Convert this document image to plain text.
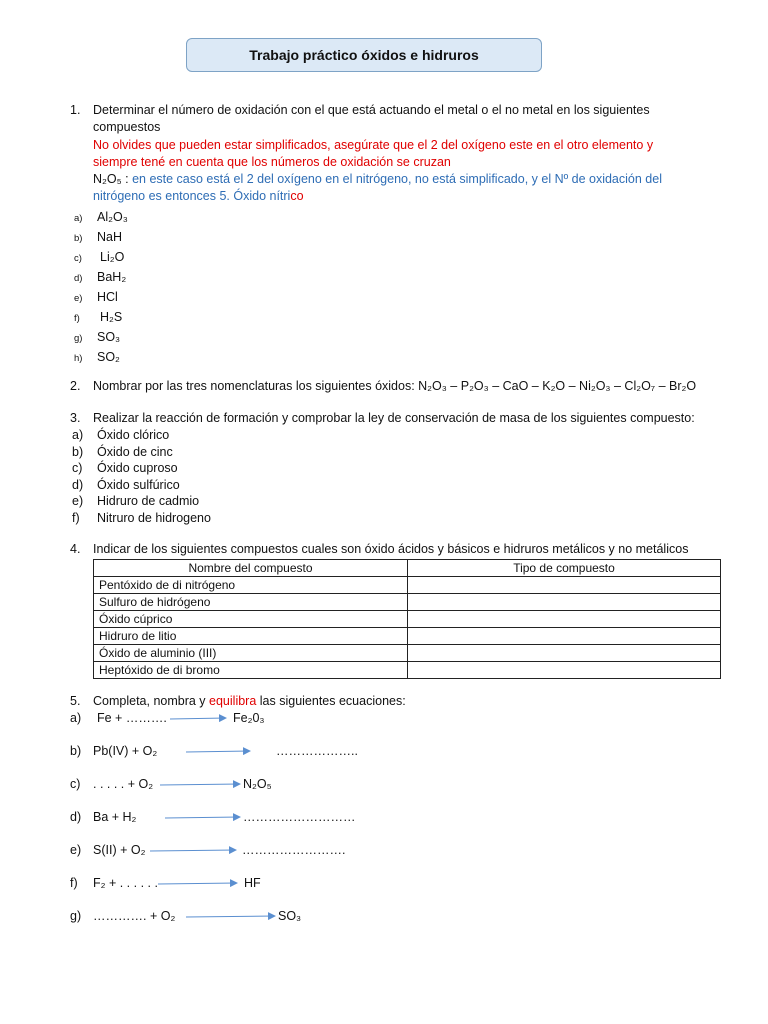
Trabajo práctico óxidos e hidruros
1. Determinar el número de oxidación con el que está actuando el metal o el no metal en los siguientes
compuestos
No olvides que pueden estar simplificados, asegúrate que el 2 del oxígeno este en el otro elemento y
siempre tené en cuenta que los números de oxidación se cruzan
N₂O₅ : en este caso está el 2 del oxígeno en el nitrógeno, no está simplificado, y el Nº de oxidación del
nitrógeno es entonces 5. Óxido nítrico
a)	Al₂O₃
b)	NaH
c)	Li₂O
d)	BaH₂
e)	HCl
f)	H₂S
g)	SO₃
h)	SO₂
2. Nombrar por las tres nomenclaturas los siguientes óxidos: N₂O₃ – P₂O₃ – CaO – K₂O – Ni₂O₃ – Cl₂O₇ – Br₂O
3. Realizar la reacción de formación y comprobar la ley de conservación de masa de los siguientes compuesto:
a) Óxido clórico
b) Óxido de cinc
c) Óxido cuproso
d) Óxido sulfúrico
e) Hidruro de cadmio
f) Nitruro de hidrogeno
4. Indicar de los siguientes compuestos cuales son óxido ácidos y básicos e hidruros metálicos y no metálicos
Nombre del compuesto	Tipo de compuesto
Pentóxido de di nitrógeno	
Sulfuro de hidrógeno	
Óxido cúprico	
Hidruro de litio	
Óxido de aluminio (III)	
Heptóxido de di bromo	
5. Completa, nombra y equilibra las siguientes ecuaciones:
a) Fe + ……….	Fe₂0₃
b) Pb(IV) + O₂	………………..
c) . . . . . + O₂	N₂O₅
d) Ba + H₂	………………………
e) S(II) + O₂	…………………….
f) F₂ + . . . . . .	HF
g) …………. + O₂	SO₃
